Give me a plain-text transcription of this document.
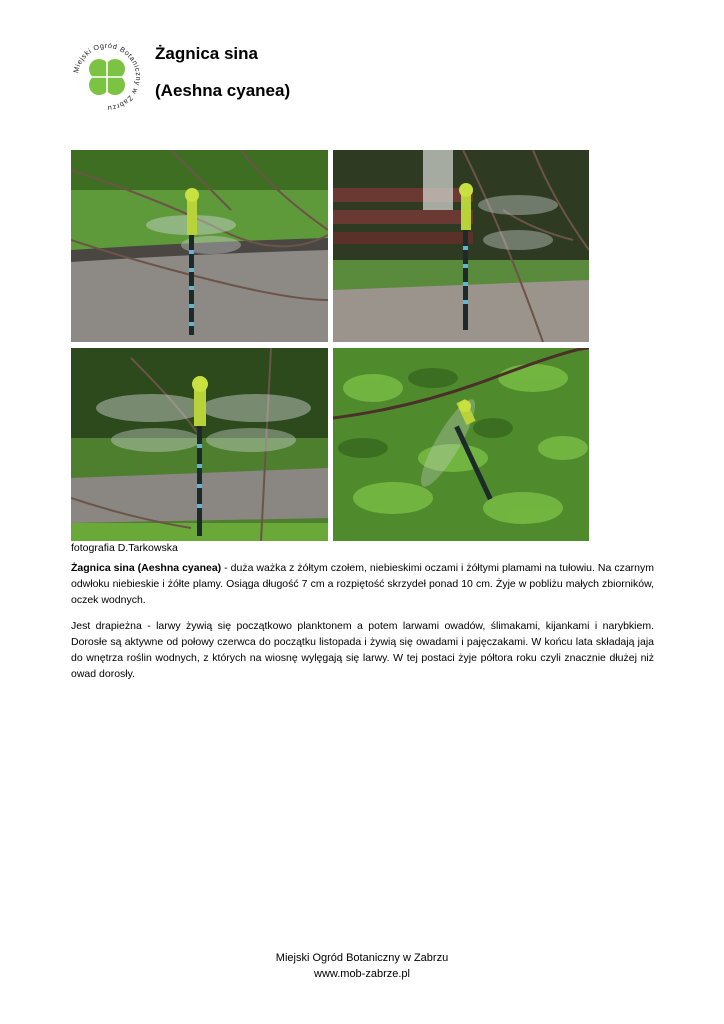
Miejski Ogród Botaniczny w Zabrzu
Żagnica sina
(Aeshna cyanea)
fotografia D.Tarkowska
Żagnica sina (Aeshna cyanea) - duża ważka z żółtym czołem, niebieskimi oczami i żółtymi plamami na tułowiu. Na czarnym odwłoku niebieskie i żółte plamy. Osiąga długość 7 cm a rozpiętość skrzydeł ponad 10 cm. Żyje w pobliżu małych zbiorników, oczek wodnych.
Jest drapieżna - larwy żywią się początkowo planktonem a potem larwami owadów, ślimakami, kijankami i narybkiem. Dorosłe są aktywne od połowy czerwca do początku listopada i żywią się owadami i pajęczakami. W końcu lata składają jaja do wnętrza roślin wodnych, z których na wiosnę wylęgają się larwy. W tej postaci żyje półtora roku czyli znacznie dłużej niż owad dorosły.
Miejski Ogród Botaniczny w Zabrzu
www.mob-zabrze.pl
